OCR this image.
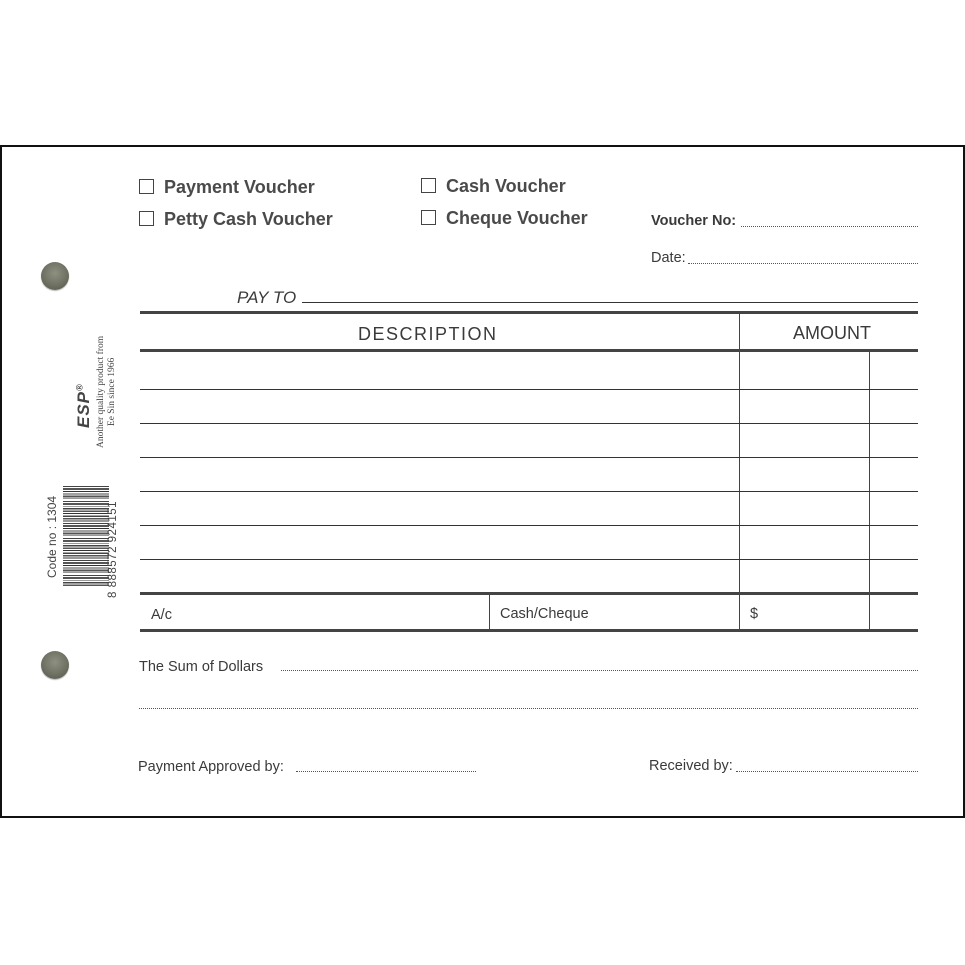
Payment Voucher
Petty Cash Voucher
Cash Voucher
Cheque Voucher	Voucher No:
Date:
PAY TO
DESCRIPTION	AMOUNT
A/c	Cash/Cheque	$
The Sum of Dollars
Payment Approved by:	Received by:
ESP®	Another quality product from Ee Sin since 1966
Code no : 1304	8 888572 924151
